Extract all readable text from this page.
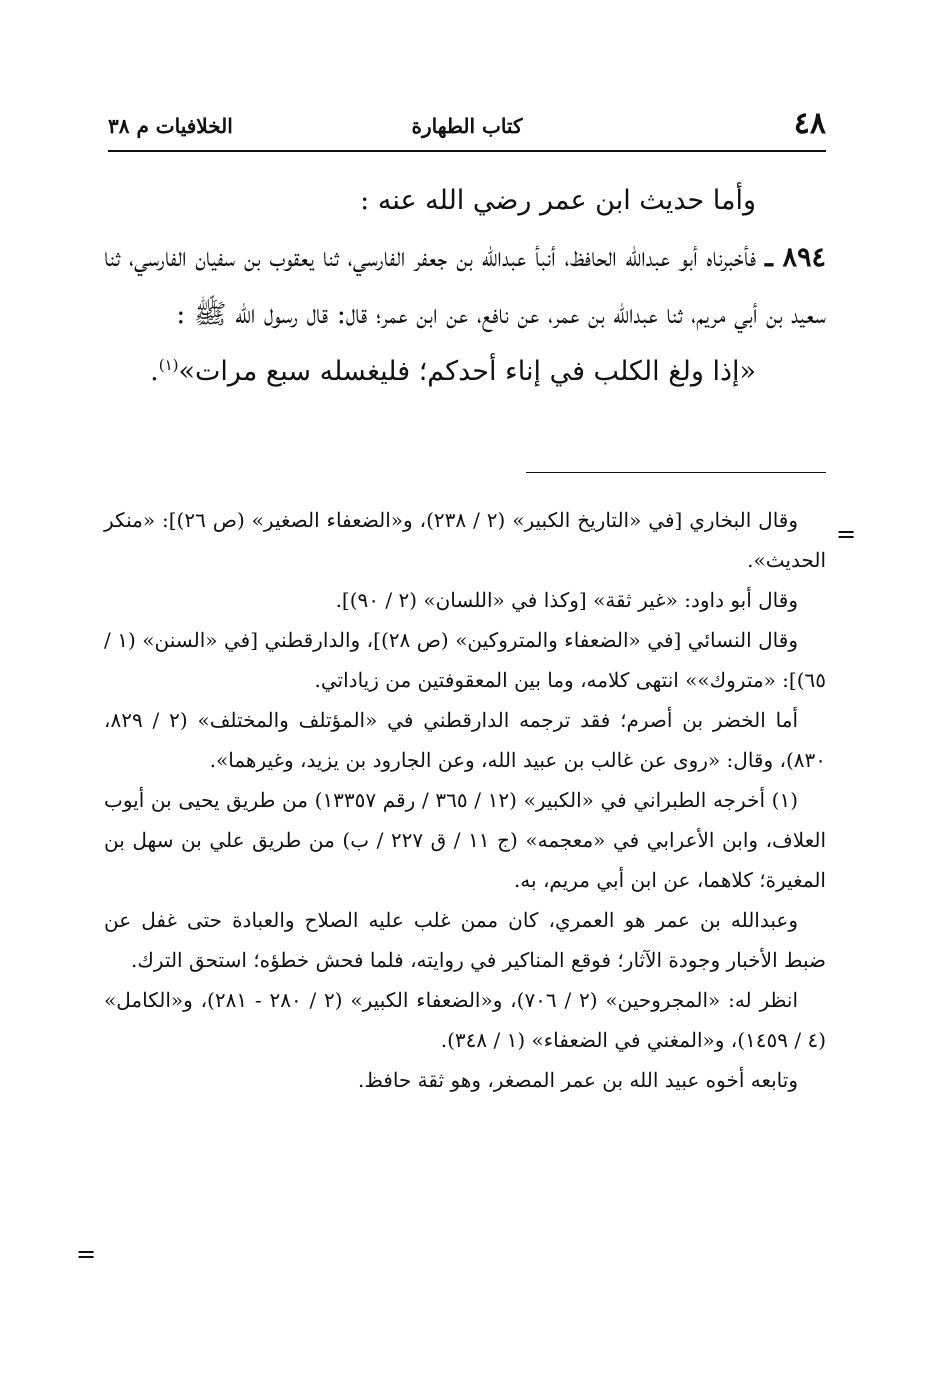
٤٨
كتاب الطهارة
الخلافيات م ٣٨

وأما حديث ابن عمر رضي الله عنه :

٨٩٤ ـ فأخبرناه أبو عبدالله الحافظ، أنبأ عبدالله بن جعفر الفارسي، ثنا يعقوب بن سفيان الفارسي، ثنا سعيد بن أبي مريم، ثنا عبدالله بن عمر، عن نافع، عن ابن عمر؛ قال: قال رسول الله ﷺ :

«إذا ولغ الكلب في إناء أحدكم؛ فليغسله سبع مرات»$^{(١)}$.

=

وقال البخاري [في «التاريخ الكبير» (٢ / ٢٣٨)، و«الضعفاء الصغير» (ص ٢٦)]: «منكر الحديث».

وقال أبو داود: «غير ثقة» [وكذا في «اللسان» (٢ / ٩٠)].

وقال النسائي [في «الضعفاء والمتروكين» (ص ٢٨)]، والدارقطني [في «السنن» (١ / ٦٥)]: «متروك»» انتهى كلامه، وما بين المعقوفتين من زياداتي.

أما الخضر بن أصرم؛ فقد ترجمه الدارقطني في «المؤتلف والمختلف» (٢ / ٨٢٩، ٨٣٠)، وقال: «روى عن غالب بن عبيد الله، وعن الجارود بن يزيد، وغيرهما».

(١) أخرجه الطبراني في «الكبير» (١٢ / ٣٦٥ / رقم ١٣٣٥٧) من طريق يحيى بن أيوب العلاف، وابن الأعرابي في «معجمه» (ج ١١ / ق ٢٢٧ / ب) من طريق علي بن سهل بن المغيرة؛ كلاهما، عن ابن أبي مريم، به.

وعبدالله بن عمر هو العمري، كان ممن غلب عليه الصلاح والعبادة حتى غفل عن ضبط الأخبار وجودة الآثار؛ فوقع المناكير في روايته، فلما فحش خطؤه؛ استحق الترك.

انظر له: «المجروحين» (٢ / ٧٠٦)، و«الضعفاء الكبير» (٢ / ٢٨٠ - ٢٨١)، و«الكامل» (٤ / ١٤٥٩)، و«المغني في الضعفاء» (١ / ٣٤٨).

وتابعه أخوه عبيد الله بن عمر المصغر، وهو ثقة حافظ.

=
